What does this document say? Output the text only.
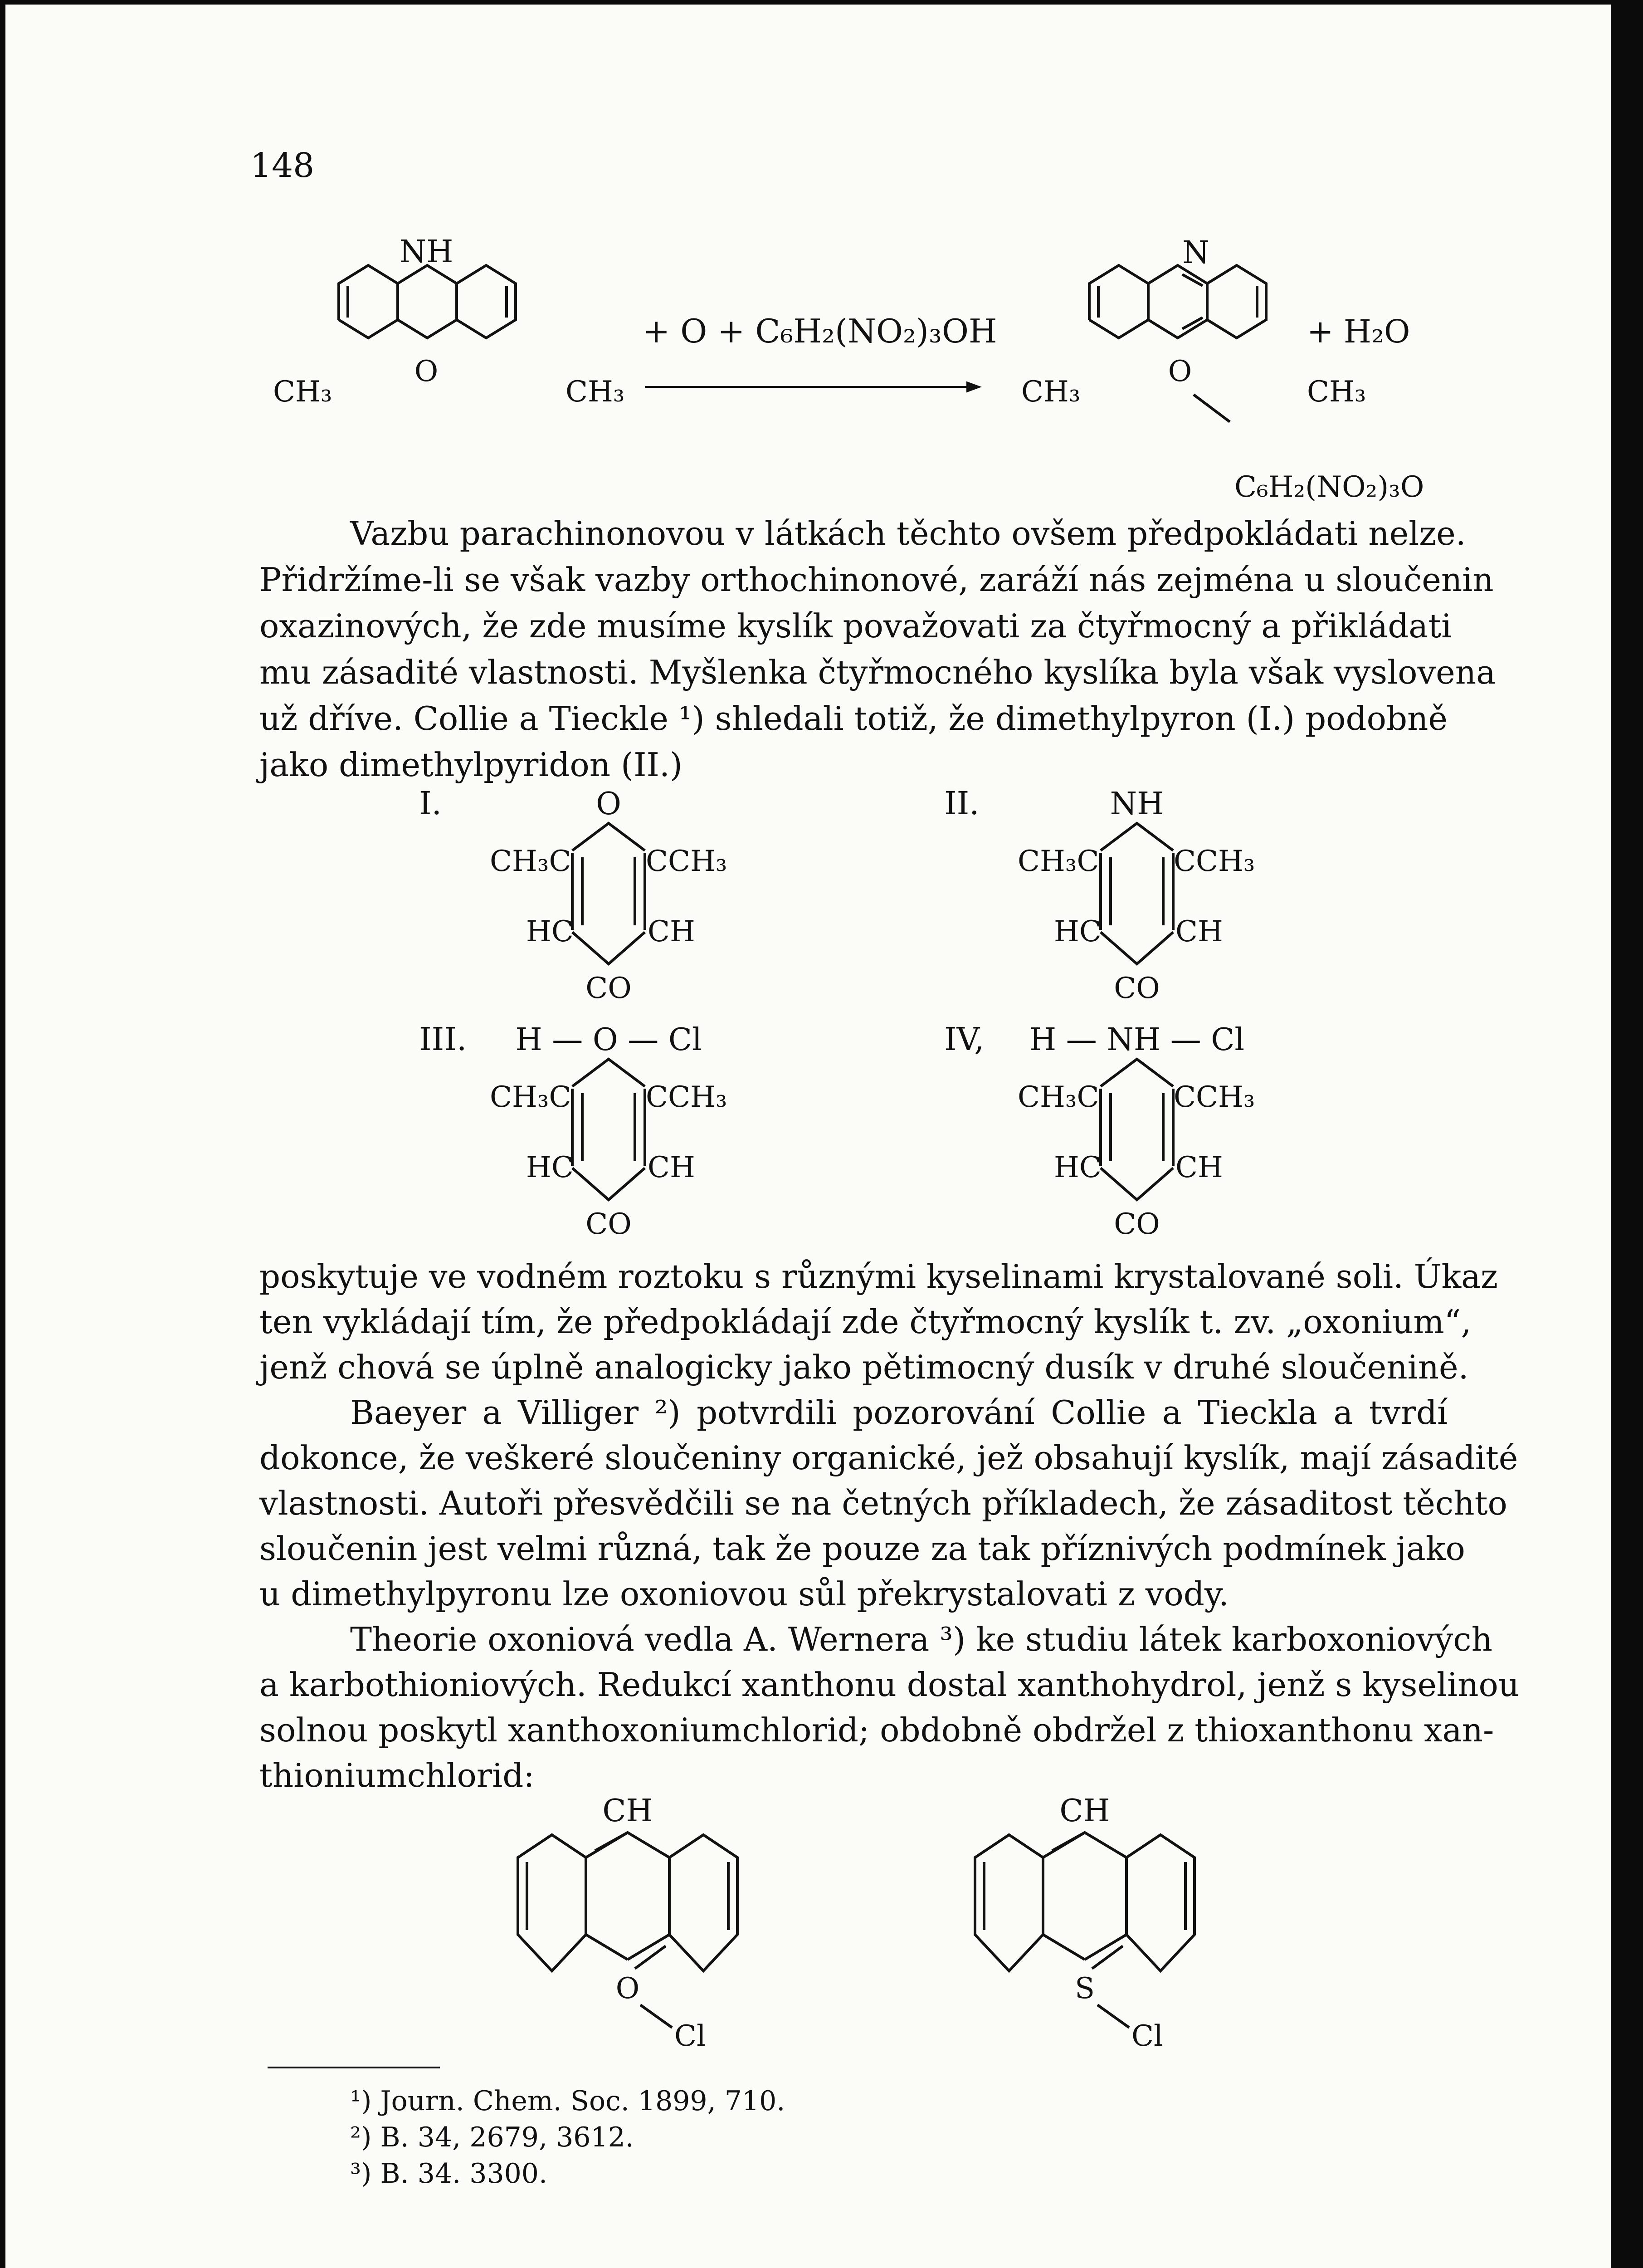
148
NH
O
CH₃	CH₃
+ O + C₆H₂(NO₂)₃OH
N
O
CH₃	CH₃
+ H₂O
C₆H₂(NO₂)₃O
Vazbu parachinonovou v látkách těchto ovšem předpokládati nelze.
Přidržíme-li se však vazby orthochinonové, zaráží nás zejména u sloučenin
oxazinových, že zde musíme kyslík považovati za čtyřmocný a přikládati
mu zásadité vlastnosti. Myšlenka čtyřmocného kyslíka byla však vyslovena
už dříve. Collie a Tieckle ¹) shledali totiž, že dimethylpyron (I.) podobně
jako dimethylpyridon (II.)
I.	O
CH₃C	CCH₃
HC	CH
CO
II.	NH
CH₃C	CCH₃
HC	CH
CO
III. H — O — Cl
CH₃C	CCH₃
HC	CH
CO
IV, H — NH — Cl
CH₃C	CCH₃
HC	CH
CO
poskytuje ve vodném roztoku s různými kyselinami krystalované soli. Úkaz
ten vykládají tím, že předpokládají zde čtyřmocný kyslík t. zv. „oxonium“,
jenž chová se úplně analogicky jako pětimocný dusík v druhé sloučenině.
Baeyer a Villiger ²) potvrdili pozorování Collie a Tieckla a tvrdí
dokonce, že veškeré sloučeniny organické, jež obsahují kyslík, mají zásadité
vlastnosti. Autoři přesvědčili se na četných příkladech, že zásaditost těchto
sloučenin jest velmi různá, tak že pouze za tak příznivých podmínek jako
u dimethylpyronu lze oxoniovou sůl překrystalovati z vody.
Theorie oxoniová vedla A. Wernera ³) ke studiu látek karboxoniových
a karbothioniových. Redukcí xanthonu dostal xanthohydrol, jenž s kyselinou
solnou poskytl xanthoxoniumchlorid; obdobně obdržel z thioxanthonu xan-
thioniumchlorid:
CH
O
Cl
CH
S
Cl
¹) Journ. Chem. Soc. 1899, 710.
²) B. 34, 2679, 3612.
³) B. 34. 3300.
